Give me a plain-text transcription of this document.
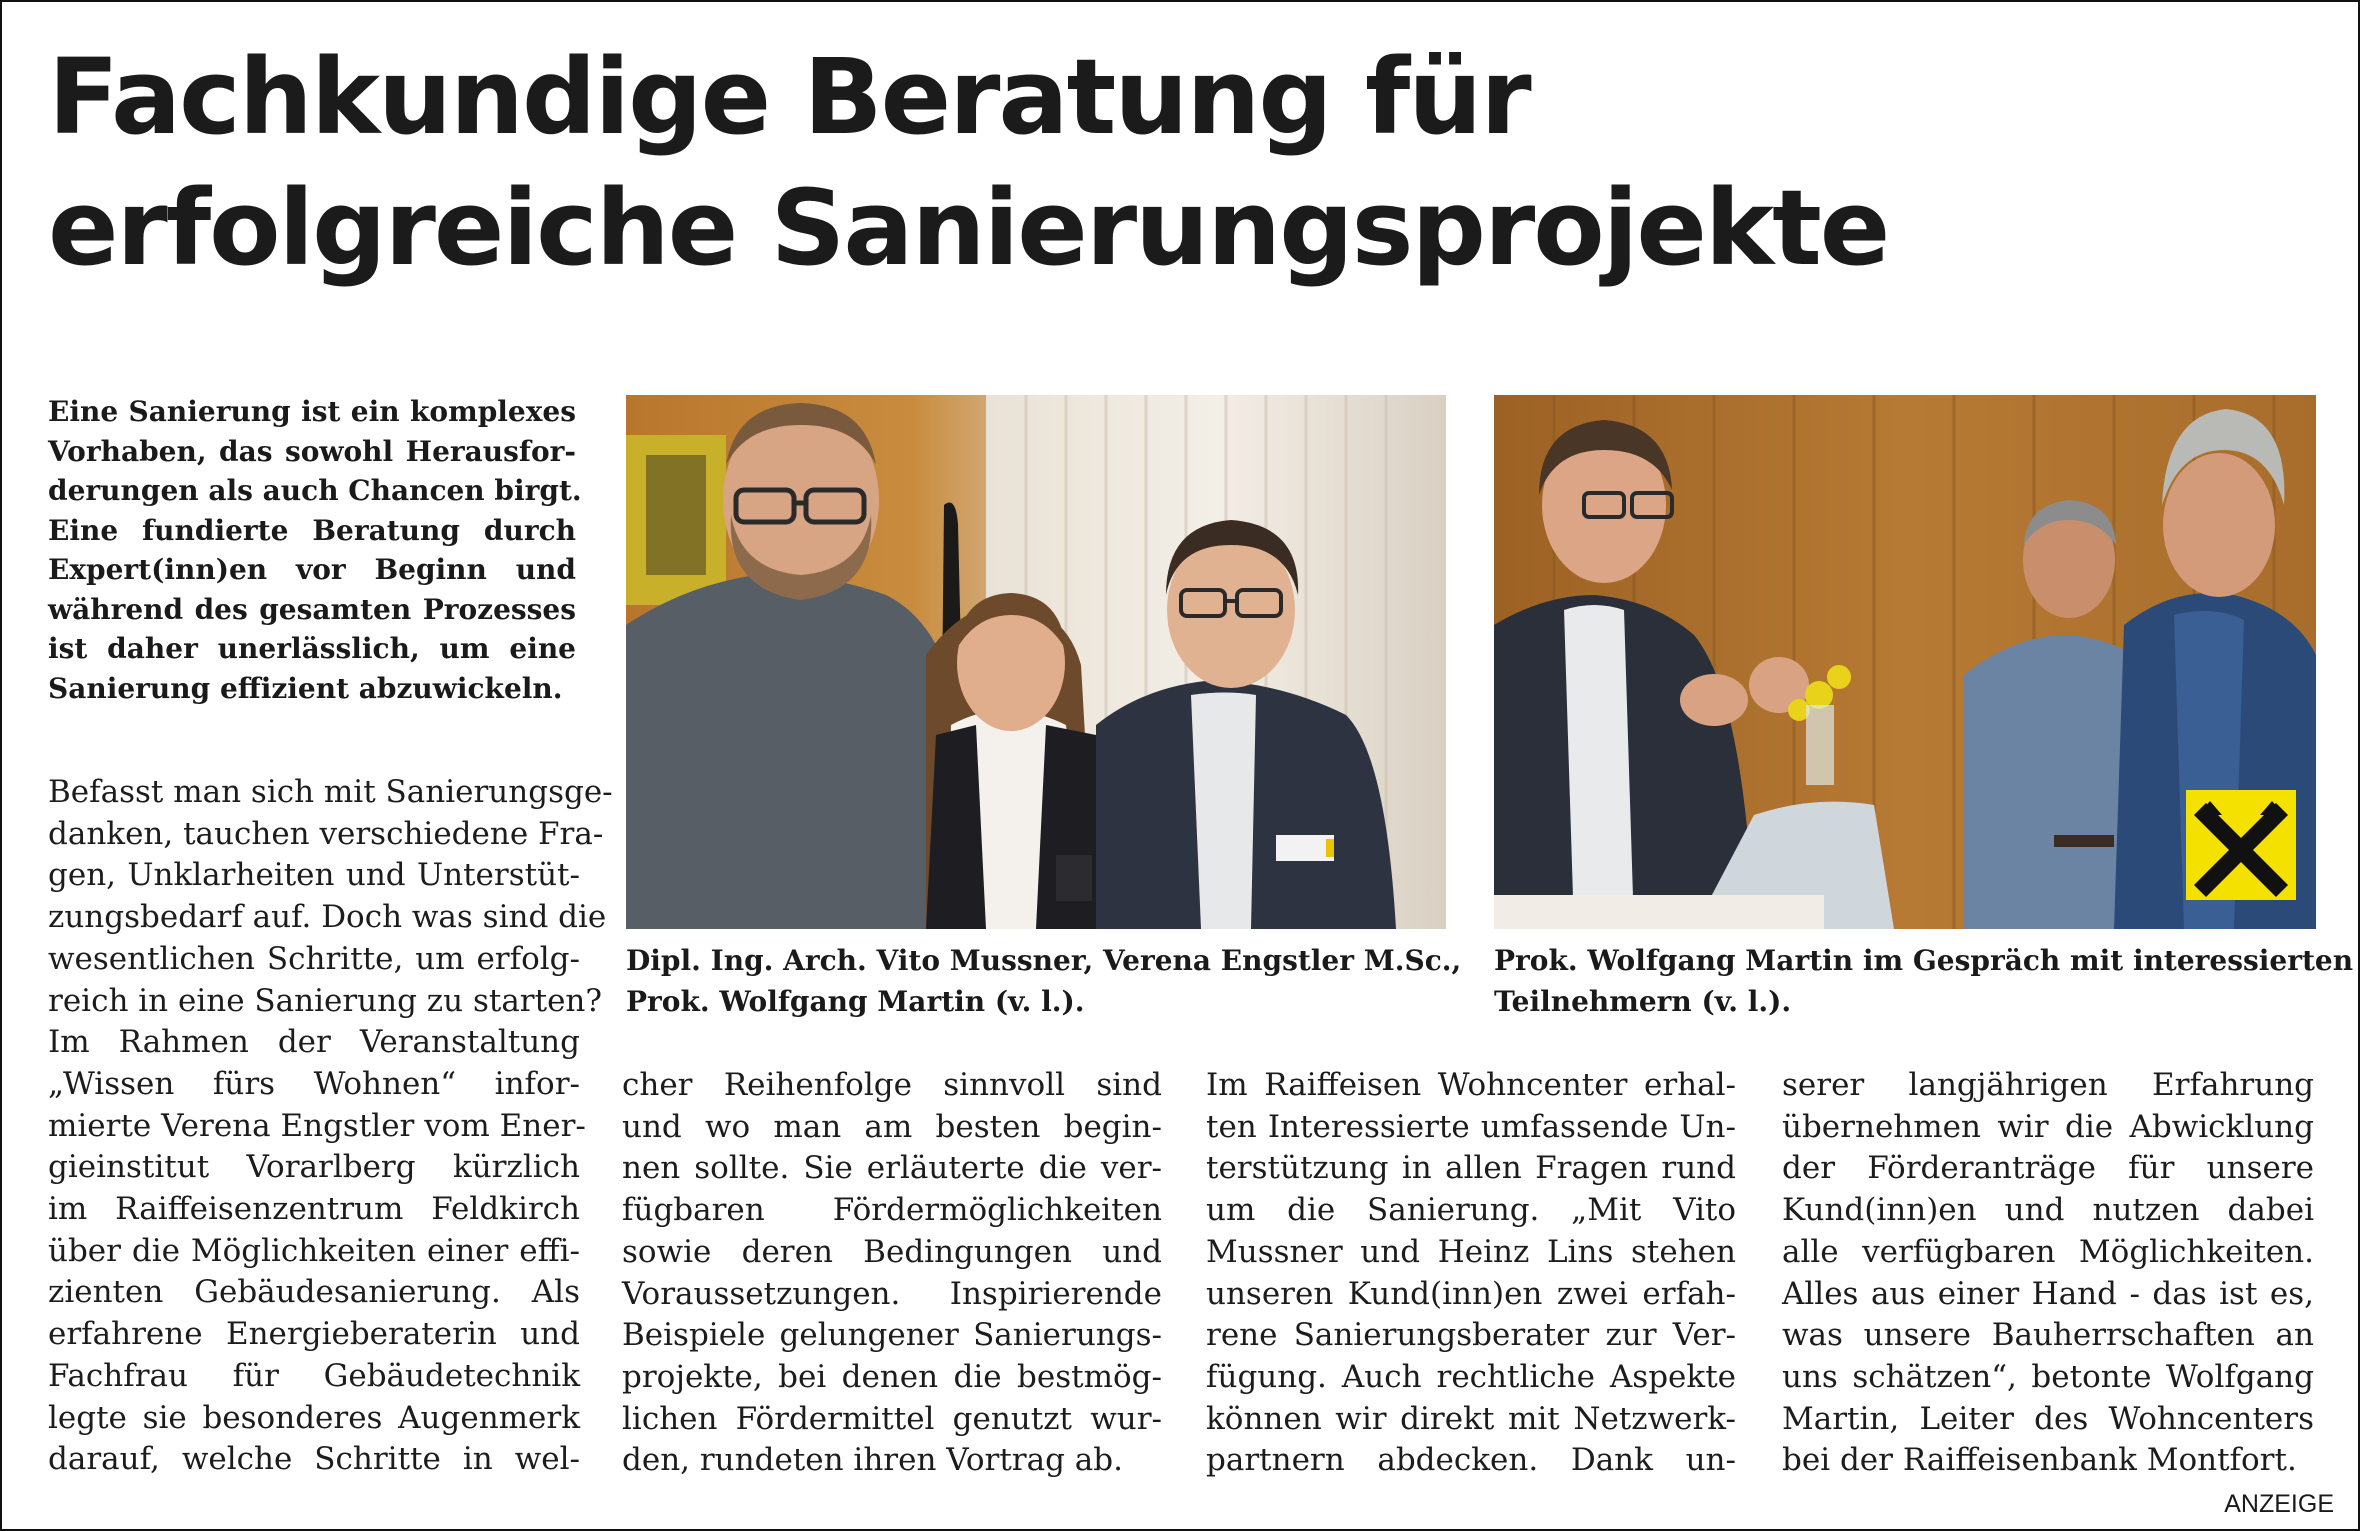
Fachkundige Beratung für
erfolgreiche Sanierungsprojekte
Eine Sanierung ist ein komplexes
Vorhaben, das sowohl Herausfor-
derungen als auch Chancen birgt.
Eine fundierte Beratung durch
Expert(inn)en vor Beginn und
während des gesamten Prozesses
ist daher unerlässlich, um eine
Sanierung effizient abzuwickeln.
Befasst man sich mit Sanierungsge-
danken, tauchen verschiedene Fra-
gen, Unklarheiten und Unterstüt-
zungsbedarf auf. Doch was sind die
wesentlichen Schritte, um erfolg-
reich in eine Sanierung zu starten?
Im Rahmen der Veranstaltung
„Wissen fürs Wohnen“ infor-
mierte Verena Engstler vom Ener-
gieinstitut Vorarlberg kürzlich
im Raiffeisenzentrum Feldkirch
über die Möglichkeiten einer effi-
zienten Gebäudesanierung. Als
erfahrene Energieberaterin und
Fachfrau für Gebäudetechnik
legte sie besonderes Augenmerk
darauf, welche Schritte in wel-
Dipl. Ing. Arch. Vito Mussner, Verena Engstler M.Sc.,
Prok. Wolfgang Martin (v. l.).
Prok. Wolfgang Martin im Gespräch mit interessierten
Teilnehmern (v. l.).
cher Reihenfolge sinnvoll sind
und wo man am besten begin-
nen sollte. Sie erläuterte die ver-
fügbaren Fördermöglichkeiten
sowie deren Bedingungen und
Voraussetzungen. Inspirierende
Beispiele gelungener Sanierungs-
projekte, bei denen die bestmög-
lichen Fördermittel genutzt wur-
den, rundeten ihren Vortrag ab.
Im Raiffeisen Wohncenter erhal-
ten Interessierte umfassende Un-
terstützung in allen Fragen rund
um die Sanierung. „Mit Vito
Mussner und Heinz Lins stehen
unseren Kund(inn)en zwei erfah-
rene Sanierungsberater zur Ver-
fügung. Auch rechtliche Aspekte
können wir direkt mit Netzwerk-
partnern abdecken. Dank un-
serer langjährigen Erfahrung
übernehmen wir die Abwicklung
der Förderanträge für unsere
Kund(inn)en und nutzen dabei
alle verfügbaren Möglichkeiten.
Alles aus einer Hand - das ist es,
was unsere Bauherrschaften an
uns schätzen“, betonte Wolfgang
Martin, Leiter des Wohncenters
bei der Raiffeisenbank Montfort.
ANZEIGE
